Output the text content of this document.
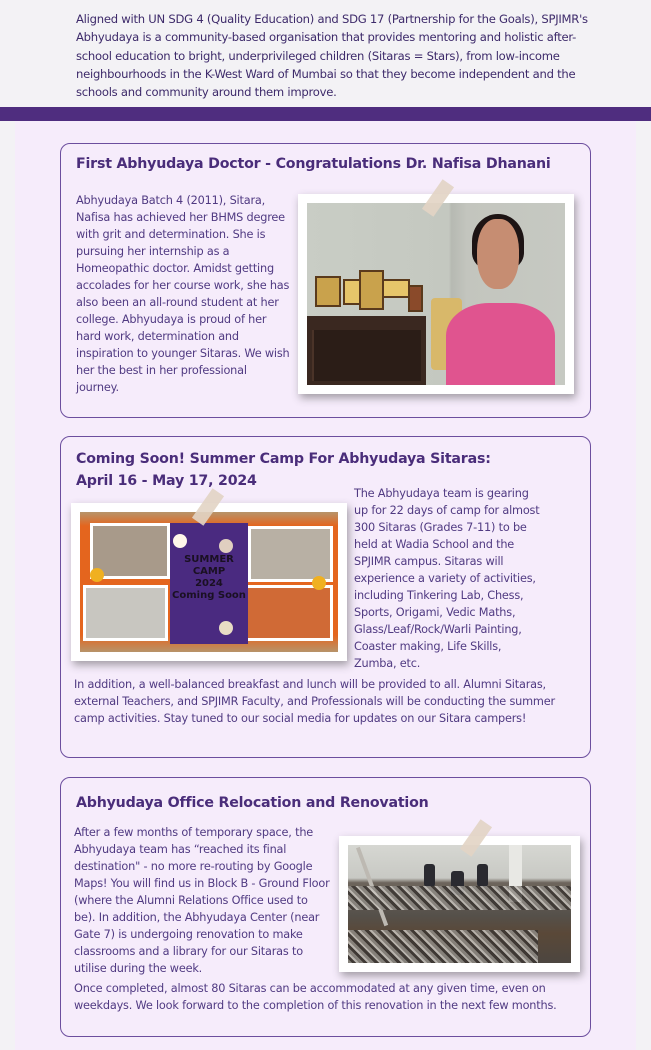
Aligned with UN SDG 4 (Quality Education) and SDG 17 (Partnership for the Goals), SPJIMR's Abhyudaya is a community-based organisation that provides mentoring and holistic after-school education to bright, underprivileged children (Sitaras = Stars), from low-income neighbourhoods in the K-West Ward of Mumbai so that they become independent and the schools and community around them improve.
First Abhyudaya Doctor - Congratulations Dr. Nafisa Dhanani
Abhyudaya Batch 4 (2011), Sitara, Nafisa has achieved her BHMS degree with grit and determination. She is pursuing her internship as a Homeopathic doctor. Amidst getting accolades for her course work, she has also been an all-round student at her college. Abhyudaya is proud of her hard work, determination and inspiration to younger Sitaras. We wish her the best in her professional journey.
Coming Soon! Summer Camp For Abhyudaya Sitaras:
April 16 - May 17, 2024
The Abhyudaya team is gearing up for 22 days of camp for almost 300 Sitaras (Grades 7-11) to be held at Wadia School and the SPJIMR campus. Sitaras will experience a variety of activities, including Tinkering Lab, Chess, Sports, Origami, Vedic Maths, Glass/Leaf/Rock/Warli Painting, Coaster making, Life Skills, Zumba, etc.
SUMMER
CAMP
2024
Coming Soon
In addition, a well-balanced breakfast and lunch will be provided to all. Alumni Sitaras, external Teachers, and SPJIMR Faculty, and Professionals will be conducting the summer camp activities. Stay tuned to our social media for updates on our Sitara campers!
Abhyudaya Office Relocation and Renovation
After a few months of temporary space, the Abhyudaya team has “reached its final destination" - no more re-routing by Google Maps! You will find us in Block B - Ground Floor (where the Alumni Relations Office used to be). In addition, the Abhyudaya Center (near Gate 7) is undergoing renovation to make classrooms and a library for our Sitaras to utilise during the week.
Once completed, almost 80 Sitaras can be accommodated at any given time, even on weekdays. We look forward to the completion of this renovation in the next few months.
